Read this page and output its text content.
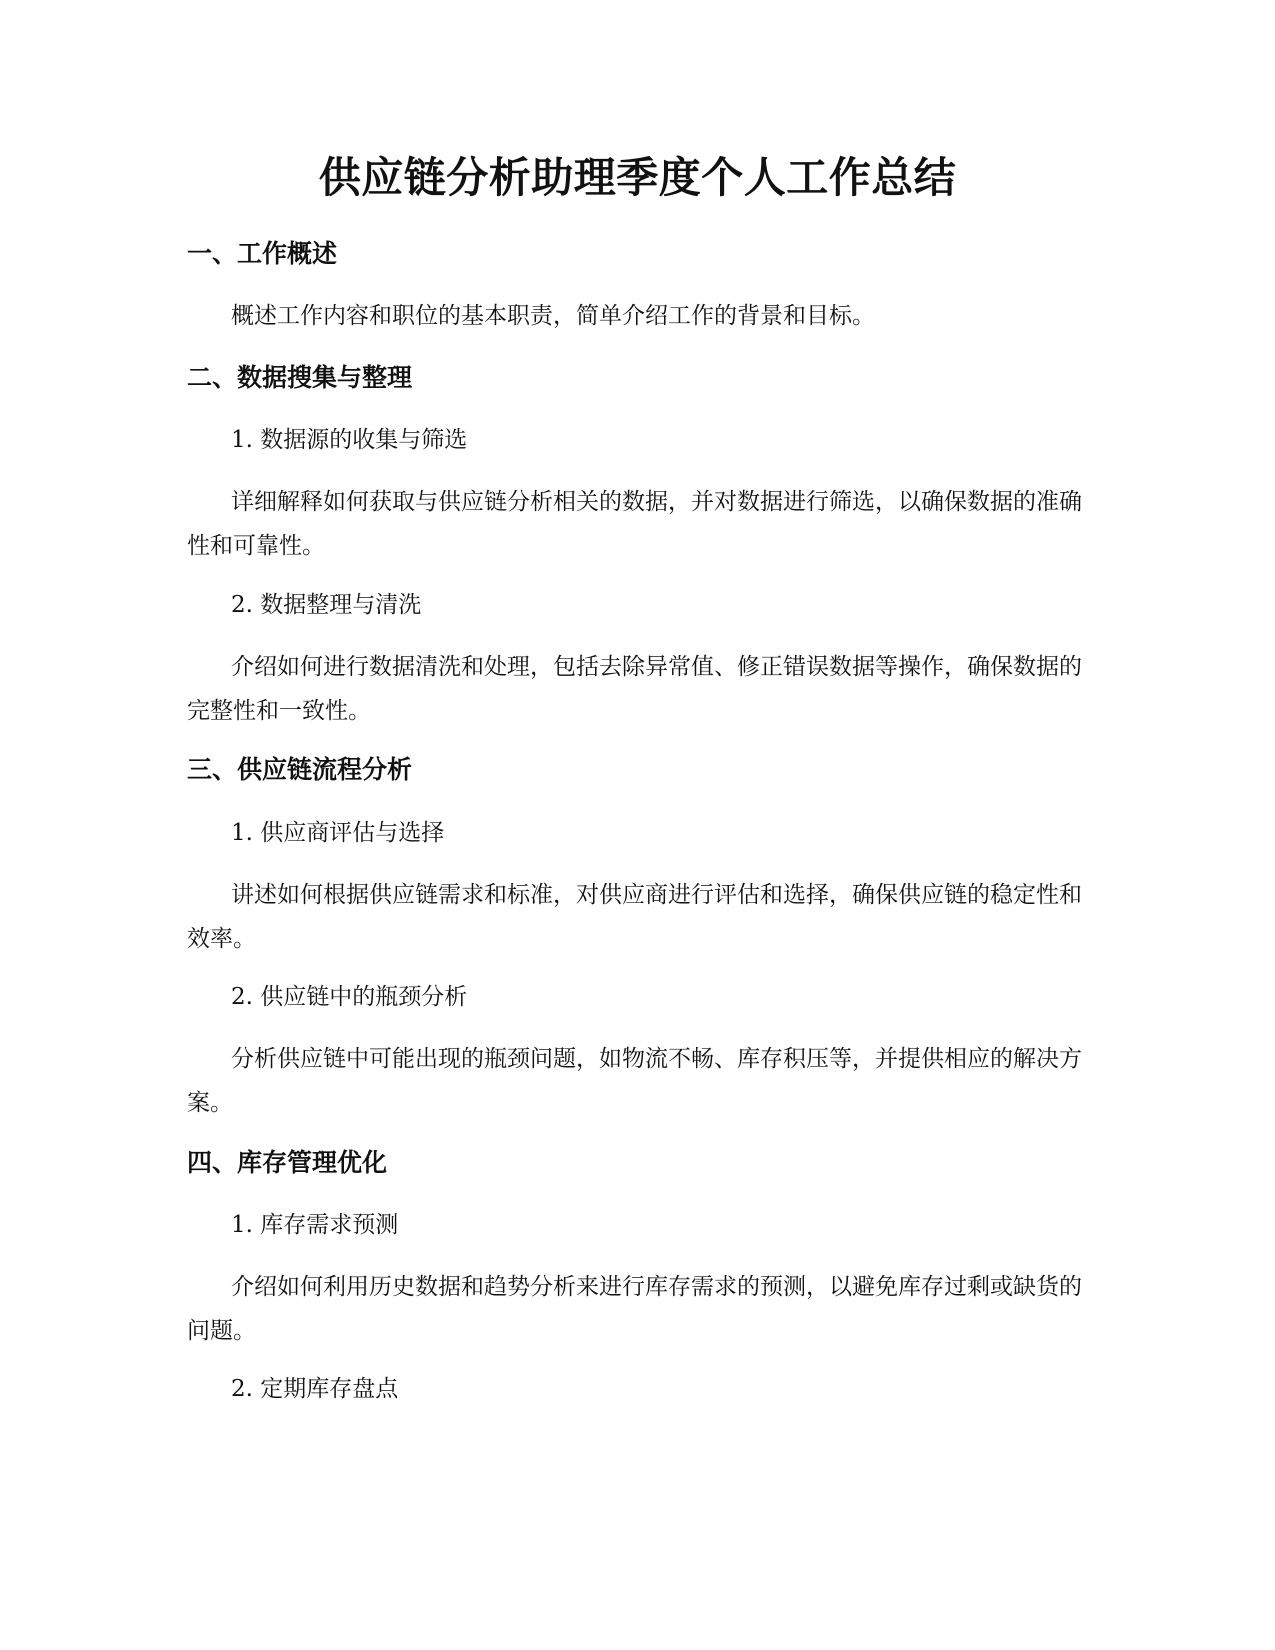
供应链分析助理季度个人工作总结
一、工作概述

概述工作内容和职位的基本职责，简单介绍工作的背景和目标。

二、数据搜集与整理

1. 数据源的收集与筛选

详细解释如何获取与供应链分析相关的数据，并对数据进行筛选，以确保数据的准确性和可靠性。

2. 数据整理与清洗

介绍如何进行数据清洗和处理，包括去除异常值、修正错误数据等操作，确保数据的完整性和一致性。

三、供应链流程分析

1. 供应商评估与选择

讲述如何根据供应链需求和标准，对供应商进行评估和选择，确保供应链的稳定性和效率。

2. 供应链中的瓶颈分析

分析供应链中可能出现的瓶颈问题，如物流不畅、库存积压等，并提供相应的解决方案。

四、库存管理优化

1. 库存需求预测

介绍如何利用历史数据和趋势分析来进行库存需求的预测，以避免库存过剩或缺货的问题。

2. 定期库存盘点
